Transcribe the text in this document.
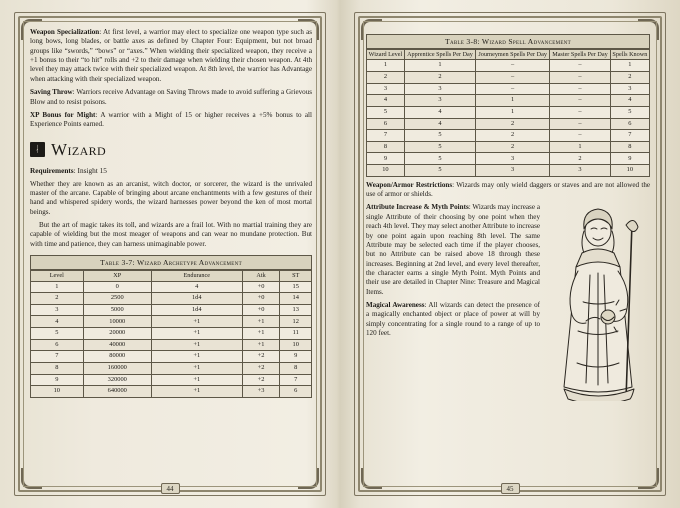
Weapon Specialization: At first level, a warrior may elect to specialize one weapon type such as long bows, long blades, or battle axes as defined by Chapter Four: Equipment, but not broad groups like “swords,” “bows” or “axes.” When wielding their specialized weapon, they receive a +1 bonus to their “to hit” rolls and +2 to their damage when wielding their chosen weapon. At 4th level they may attack twice with their specialized weapon. At 8th level, the warrior has Advantage when attacking with their specialized weapon.

Saving Throw: Warriors receive Advantage on Saving Throws made to avoid suffering a Grievous Blow and to resist poisons.

XP Bonus for Might: A warrior with a Might of 15 or higher receives a +5% bonus to all Experience Points earned.

ᛆ Wizard

Requirements: Insight 15

Whether they are known as an arcanist, witch doctor, or sorcerer, the wizard is the unrivaled master of the arcane. Capable of bringing about arcane enchantments with a few gestures of their hand and whispered spidery words, the wizard harnesses power beyond the ken of most mortal beings.

But the art of magic takes its toll, and wizards are a frail lot. With no martial training they are capable of wielding but the most meager of weapons and can wear no mundane protection. But with time and patience, they can harness unimaginable power.

Table 3-7: Wizard Archetype Advancement
Level	XP	Endurance	Atk	ST
1	0	4	+0	15
2	2500	1d4	+0	14
3	5000	1d4	+0	13
4	10000	+1	+1	12
5	20000	+1	+1	11
6	40000	+1	+1	10
7	80000	+1	+2	9
8	160000	+1	+2	8
9	320000	+1	+2	7
10	640000	+1	+3	6
44
Table 3-8: Wizard Spell Advancement
Wizard Level	Apprentice Spells Per Day	Journeymen Spells Per Day	Master Spells Per Day	Spells Known
1	1	–	–	1
2	2	–	–	2
3	3	–	–	3
4	3	1	–	4
5	4	1	–	5
6	4	2	–	6
7	5	2	–	7
8	5	2	1	8
9	5	3	2	9
10	5	3	3	10

Weapon/Armor Restrictions: Wizards may only wield daggers or staves and are not allowed the use of armor or shields.

Attribute Increase & Myth Points: Wizards may increase a single Attribute of their choosing by one point when they reach 4th level. They may select another Attribute to increase by one point again upon reaching 8th level. The same Attribute may be selected each time if the player chooses, but no Attribute can be raised above 18 through these increases. Beginning at 2nd level, and every level thereafter, the character earns a single Myth Point. Myth Points and their use are detailed in Chapter Nine: Treasure and Magical Items.

Magical Awareness: All wizards can detect the presence of a magically enchanted object or place of power at will by simply concentrating for a single round to a range of up to 120 feet.

45
